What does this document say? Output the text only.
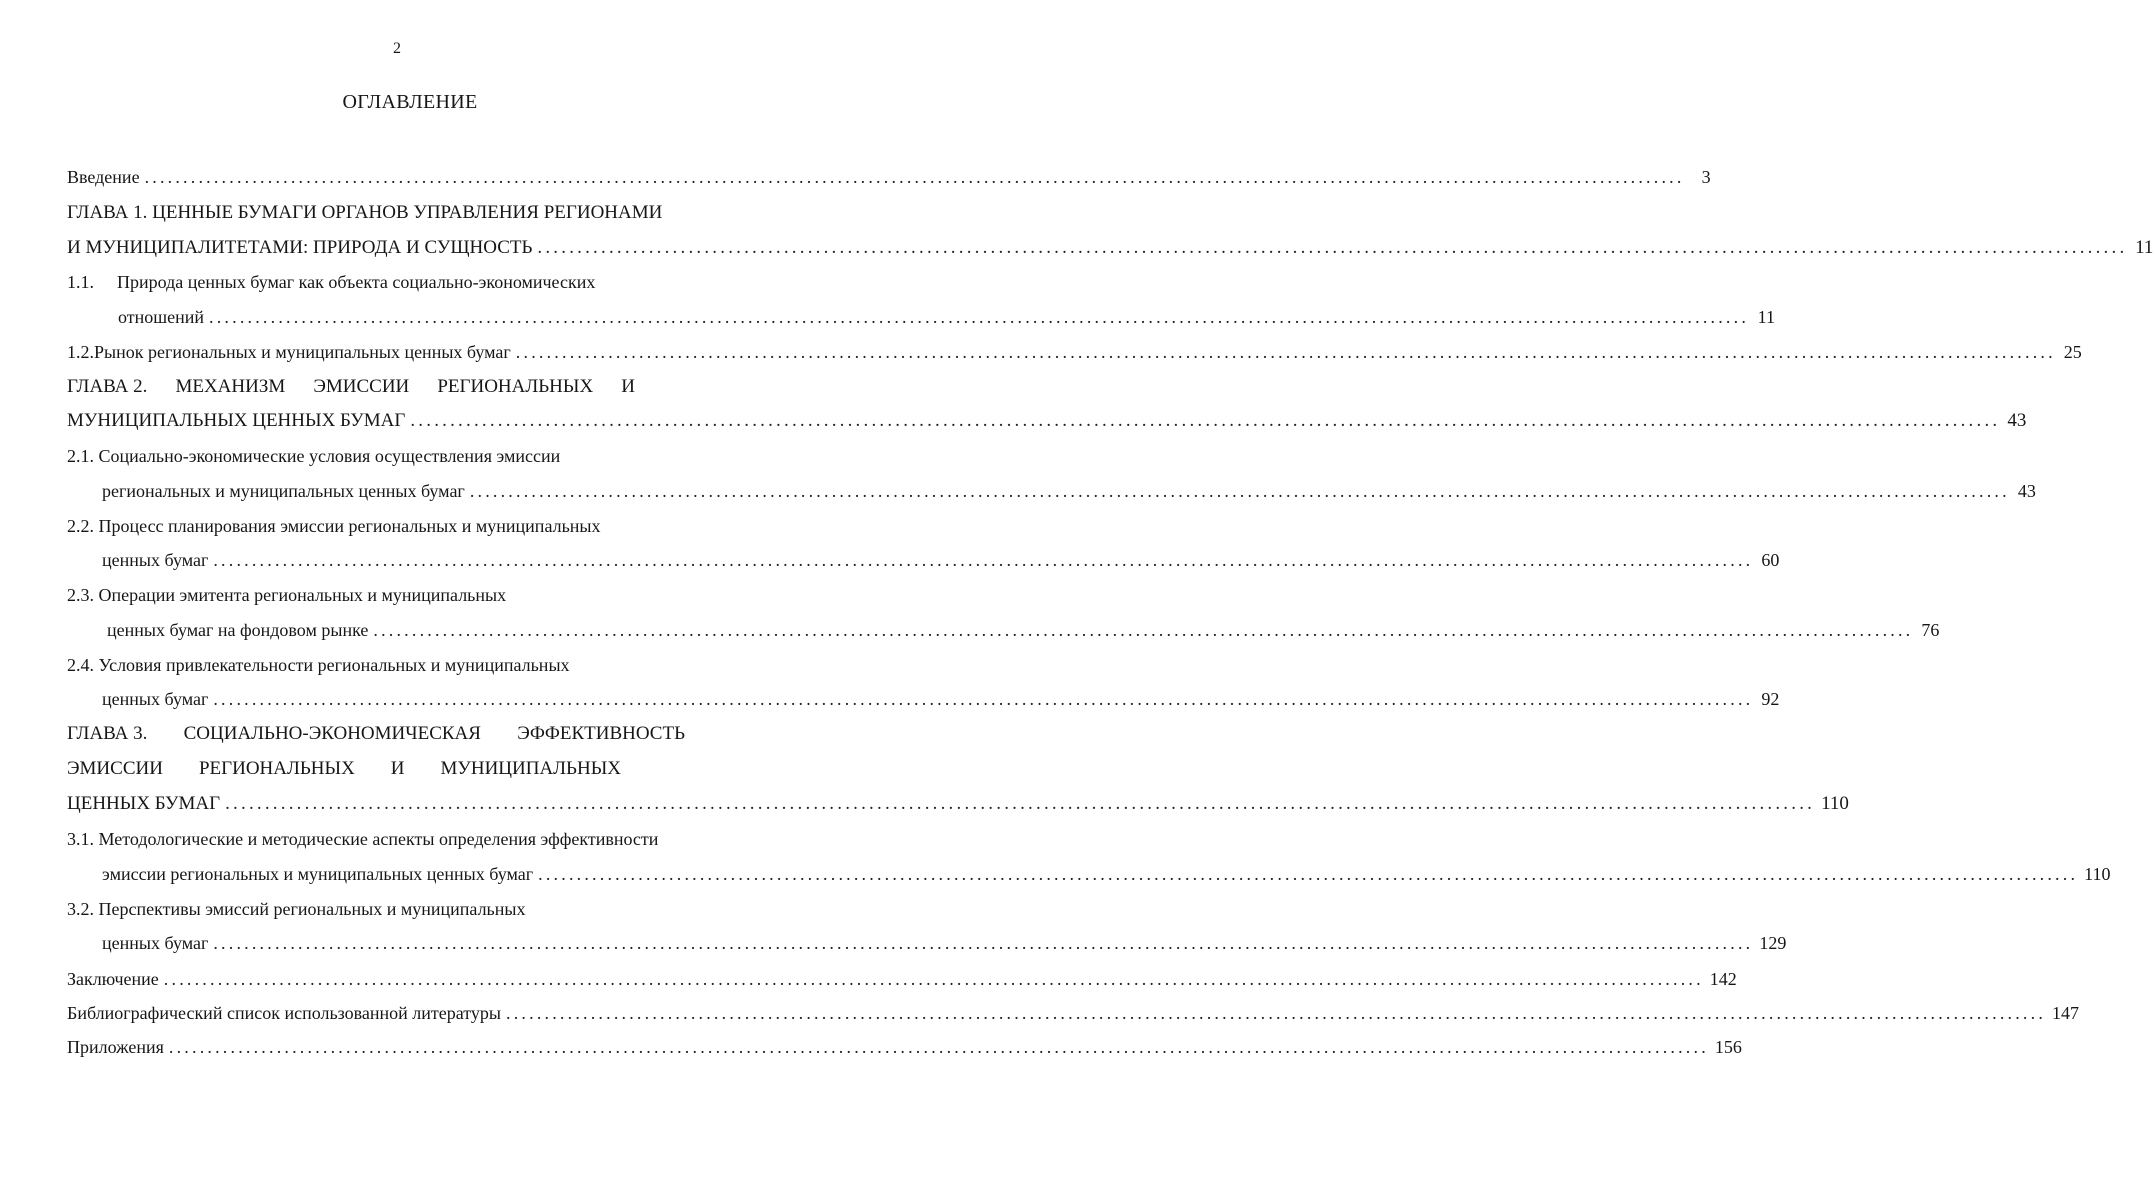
2
ОГЛАВЛЕНИЕ
Введение ........................................................................................................................................................................................................ 3
ГЛАВА 1. ЦЕННЫЕ БУМАГИ ОРГАНОВ УПРАВЛЕНИЯ РЕГИОНАМИ
И МУНИЦИПАЛИТЕТАМИ: ПРИРОДА И СУЩНОСТЬ ........................................................................................................................................................................................................ 11
1.1.	Природа ценных бумаг как объекта социально-экономических
отношений ........................................................................................................................................................................................................ 11
1.2. Рынок региональных и муниципальных ценных бумаг ........................................................................................................................................................................................................ 25
ГЛАВА 2. МЕХАНИЗМ ЭМИССИИ РЕГИОНАЛЬНЫХ И
МУНИЦИПАЛЬНЫХ ЦЕННЫХ БУМАГ ........................................................................................................................................................................................................ 43
2.1. Социально-экономические условия осуществления эмиссии
региональных и муниципальных ценных бумаг ........................................................................................................................................................................................................ 43
2.2. Процесс планирования эмиссии региональных и муниципальных
ценных бумаг ........................................................................................................................................................................................................ 60
2.3. Операции эмитента региональных и муниципальных
ценных бумаг на фондовом рынке ........................................................................................................................................................................................................ 76
2.4. Условия привлекательности региональных и муниципальных
ценных бумаг ........................................................................................................................................................................................................ 92
ГЛАВА 3. СОЦИАЛЬНО-ЭКОНОМИЧЕСКАЯ ЭФФЕКТИВНОСТЬ
ЭМИССИИ РЕГИОНАЛЬНЫХ И МУНИЦИПАЛЬНЫХ
ЦЕННЫХ БУМАГ ........................................................................................................................................................................................................ 110
3.1. Методологические и методические аспекты определения эффективности
эмиссии региональных и муниципальных ценных бумаг ........................................................................................................................................................................................................ 110
3.2. Перспективы эмиссий региональных и муниципальных
ценных бумаг ........................................................................................................................................................................................................ 129
Заключение ........................................................................................................................................................................................................ 142
Библиографический список использованной литературы ........................................................................................................................................................................................................ 147
Приложения ........................................................................................................................................................................................................ 156
